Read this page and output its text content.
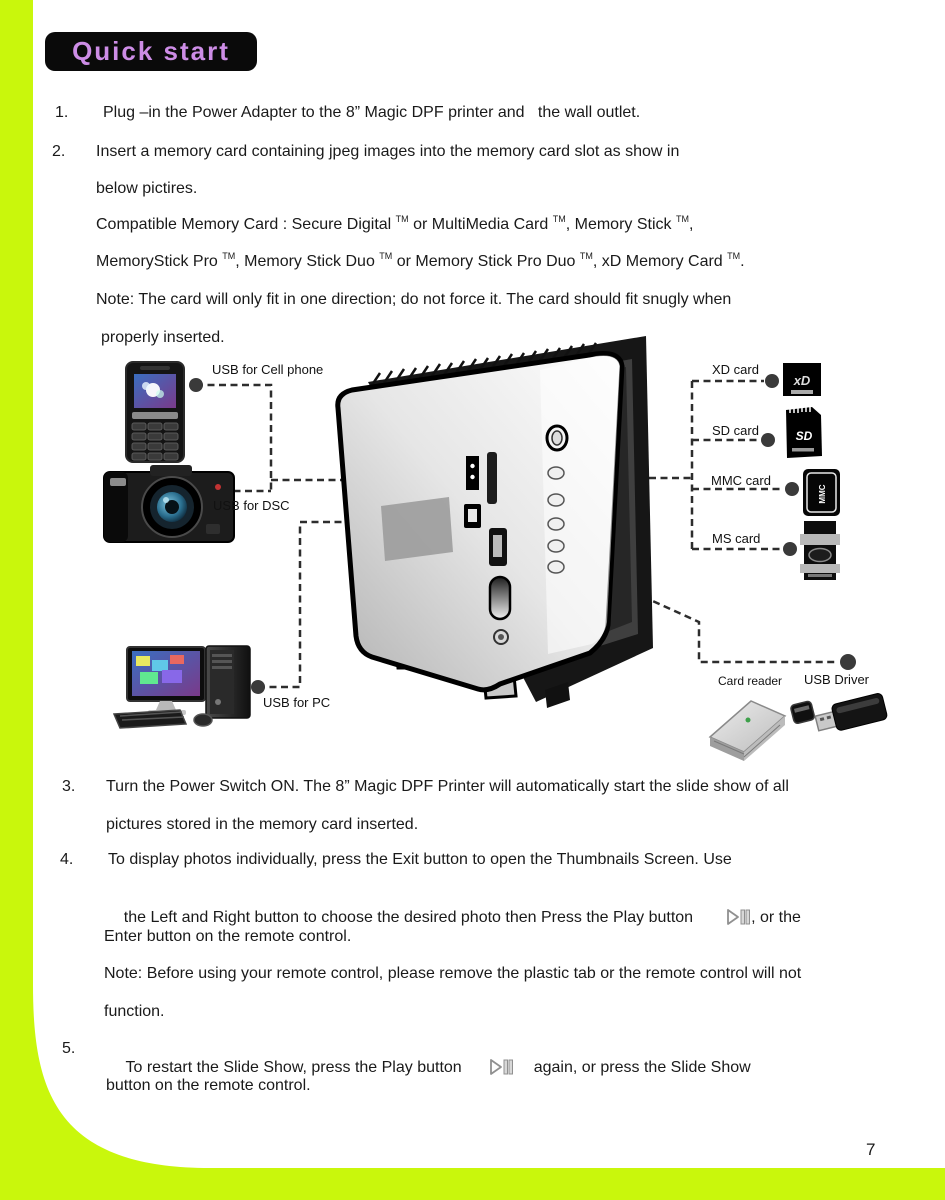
Quick start
1. Plug –in the Power Adapter to the 8” Magic DPF printer and   the wall outlet.
2. Insert a memory card containing jpeg images into the memory card slot as show in
below pictires.
Compatible Memory Card : Secure Digital ™ or MultiMedia Card ™, Memory Stick ™,
MemoryStick Pro ™, Memory Stick Duo ™ or Memory Stick Pro Duo ™, xD Memory Card ™.
Note: The card will only fit in one direction; do not force it. The card should fit snugly when
properly inserted.
xD
SD
MMC
USB for Cell phone
USB for DSC
USB for PC
XD card
SD card
MMC card
MS card
Card reader USB Driver
3. Turn the Power Switch ON. The 8” Magic DPF Printer will automatically start the slide show of all
pictures stored in the memory card inserted.
4. To display photos individually, press the Exit button to open the Thumbnails Screen. Use

the Left and Right button to choose the desired photo then Press the Play button	, or the

Enter button on the remote control.
Note: Before using your remote control, please remove the plastic tab or the remote control will not
function.
5.

To restart the Slide Show, press the Play button	again, or press the Slide Show

button on the remote control.
7
